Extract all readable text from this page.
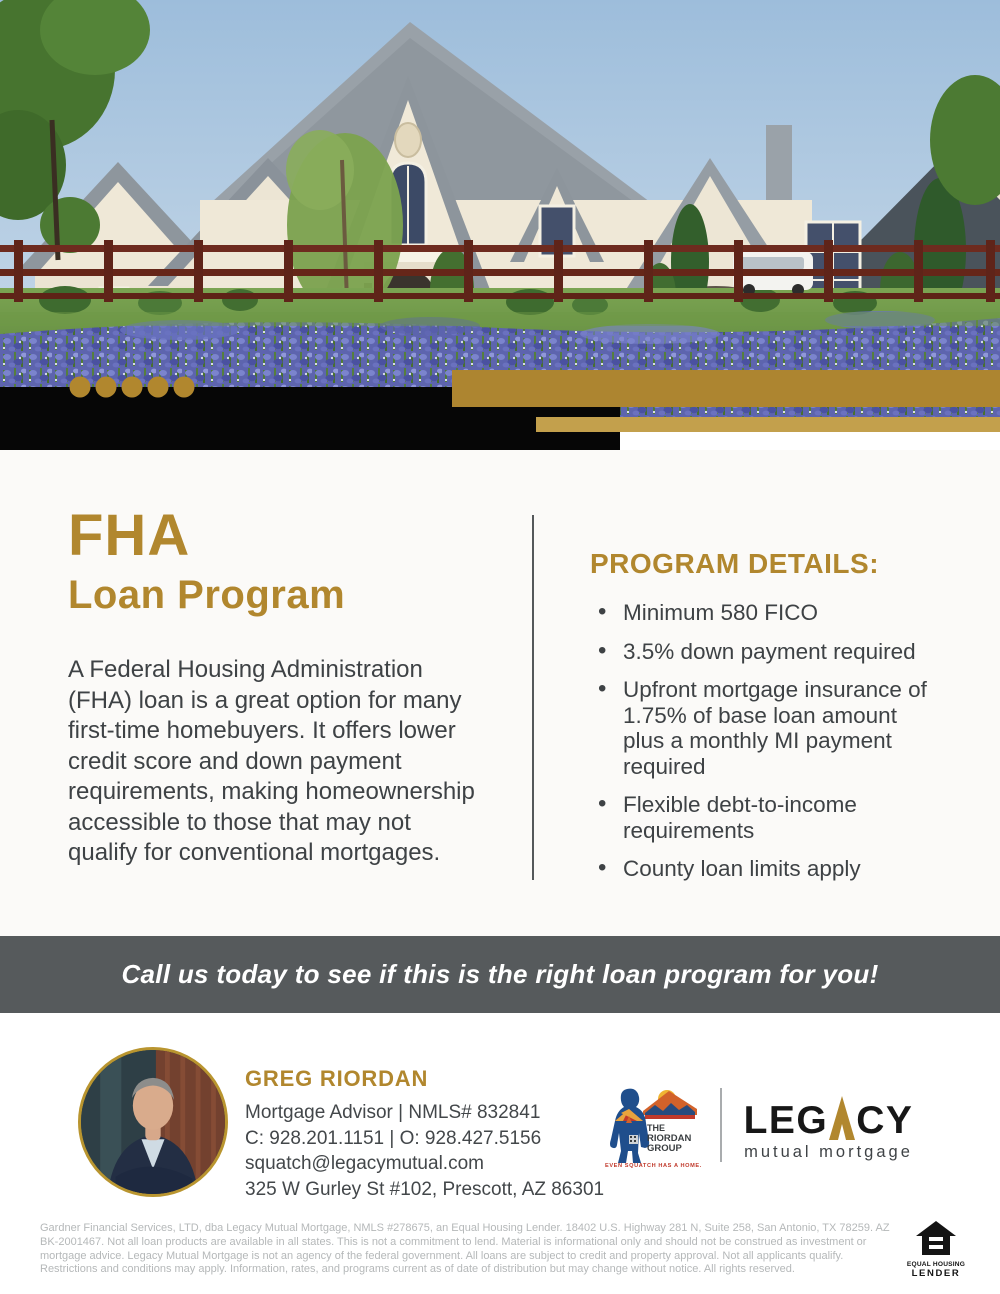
FHA
Loan Program

A Federal Housing Administration (FHA) loan is a great option for many first-time homebuyers. It offers lower credit score and down payment requirements, making homeownership accessible to those that may not qualify for conventional mortgages.

PROGRAM DETAILS:
• Minimum 580 FICO
• 3.5% down payment required
• Upfront mortgage insurance of 1.75% of base loan amount plus a monthly MI payment required
• Flexible debt-to-income requirements
• County loan limits apply
Call us today to see if this is the right loan program for you!
GREG RIORDAN
Mortgage Advisor | NMLS# 832841
C: 928.201.1151 | O: 928.427.5156
squatch@legacymutual.com
325 W Gurley St #102, Prescott, AZ 86301
THE
RIORDAN
GROUP
EVEN SQUATCH HAS A HOME.
LEG CY
mutual mortgage

Gardner Financial Services, LTD, dba Legacy Mutual Mortgage, NMLS #278675, an Equal Housing Lender. 18402 U.S. Highway 281 N, Suite 258, San Antonio, TX 78259. AZ BK-2001467. Not all loan products are available in all states. This is not a commitment to lend. Material is informational only and should not be construed as investment or mortgage advice. Legacy Mutual Mortgage is not an agency of the federal government. All loans are subject to credit and property approval. Not all applicants qualify. Restrictions and conditions may apply. Information, rates, and programs current as of date of distribution but may change without notice. All rights reserved.	EQUAL HOUSING
LENDER
